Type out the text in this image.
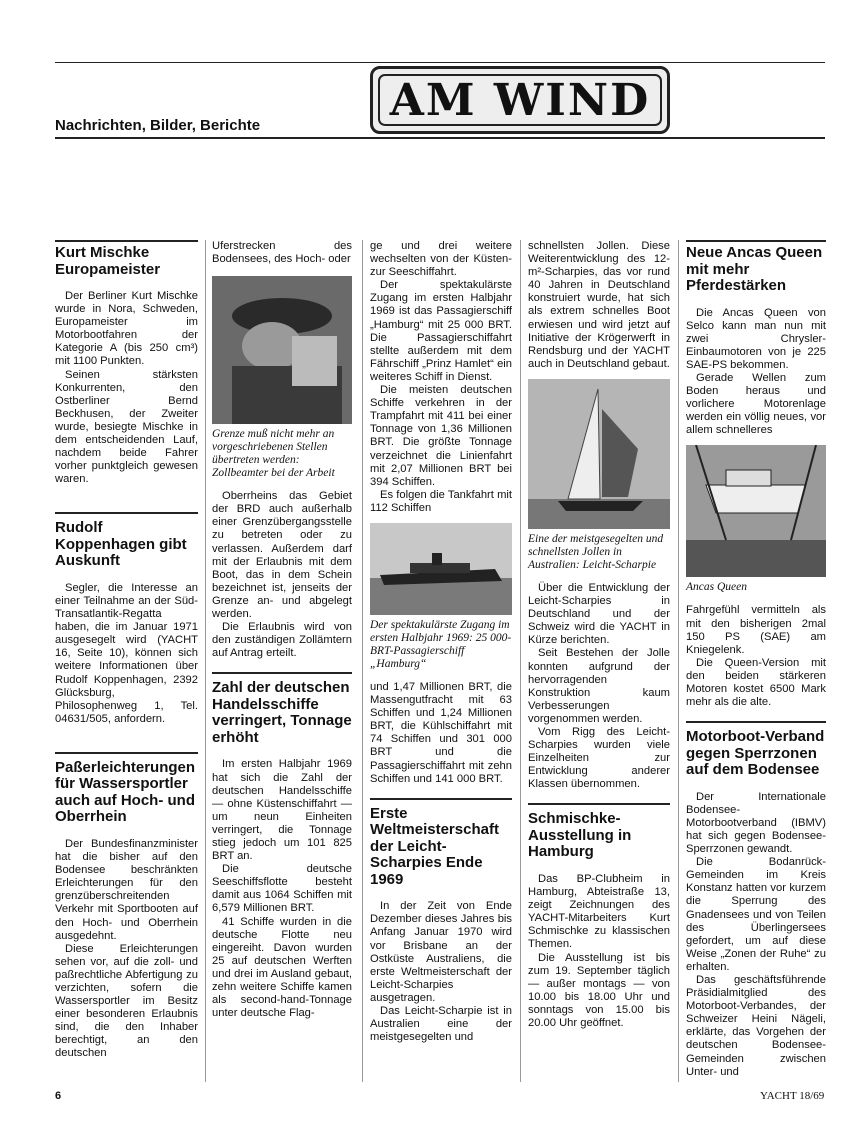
Nachrichten, Bilder, Berichte	AM WIND
Kurt Mischke Europameister

Der Berliner Kurt Mischke wurde in Nora, Schweden, Europameister im Motorbootfahren der Kategorie A (bis 250 cm³) mit 1100 Punkten.

Seinen stärksten Konkurrenten, den Ostberliner Bernd Beckhusen, der Zweiter wurde, besiegte Mischke in dem entscheidenden Lauf, nachdem beide Fahrer vorher punktgleich gewesen waren.

Rudolf Koppenhagen gibt Auskunft

Segler, die Interesse an einer Teilnahme an der Süd-Transatlantik-Regatta haben, die im Januar 1971 ausgesegelt wird (YACHT 16, Seite 10), können sich weitere Informationen über Rudolf Koppenhagen, 2392 Glücksburg, Philosophenweg 1, Tel. 04631/505, anfordern.

Paßerleichterungen für Wassersportler auch auf Hoch- und Oberrhein

Der Bundesfinanzminister hat die bisher auf den Bodensee beschränkten Erleichterungen für den grenzüberschreitenden Verkehr mit Sportbooten auf den Hoch- und Oberrhein ausgedehnt.

Diese Erleichterungen sehen vor, auf die zoll- und paßrechtliche Abfertigung zu verzichten, sofern die Wassersportler im Besitz einer besonderen Erlaubnis sind, die den Inhaber berechtigt, an den deutschen

Uferstrecken des Bodensees, des Hoch- oder

Grenze muß nicht mehr an vorgeschriebenen Stellen übertreten werden: Zollbeamter bei der Arbeit

Oberrheins das Gebiet der BRD auch außerhalb einer Grenzübergangsstelle zu betreten oder zu verlassen. Außerdem darf mit der Erlaubnis mit dem Boot, das in dem Schein bezeichnet ist, jenseits der Grenze an- und abgelegt werden.

Die Erlaubnis wird von den zuständigen Zollämtern auf Antrag erteilt.

Zahl der deutschen Handelsschiffe verringert, Tonnage erhöht

Im ersten Halbjahr 1969 hat sich die Zahl der deutschen Handelsschiffe — ohne Küstenschiffahrt — um neun Einheiten verringert, die Tonnage stieg jedoch um 101 825 BRT an.

Die deutsche Seeschiffsflotte besteht damit aus 1064 Schiffen mit 6,579 Millionen BRT.

41 Schiffe wurden in die deutsche Flotte neu eingereiht. Davon wurden 25 auf deutschen Werften und drei im Ausland gebaut, zehn weitere Schiffe kamen als second-hand-Tonnage unter deutsche Flag-

ge und drei weitere wechselten von der Küsten- zur Seeschiffahrt.

Der spektakulärste Zugang im ersten Halbjahr 1969 ist das Passagierschiff „Hamburg“ mit 25 000 BRT. Die Passagierschiffahrt stellte außerdem mit dem Fährschiff „Prinz Hamlet“ ein weiteres Schiff in Dienst.

Die meisten deutschen Schiffe verkehren in der Trampfahrt mit 411 bei einer Tonnage von 1,36 Millionen BRT. Die größte Tonnage verzeichnet die Linienfahrt mit 2,07 Millionen BRT bei 394 Schiffen.

Es folgen die Tankfahrt mit 112 Schiffen

Der spektakulärste Zugang im ersten Halbjahr 1969: 25 000-BRT-Passagierschiff „Hamburg“

und 1,47 Millionen BRT, die Massengutfracht mit 63 Schiffen und 1,24 Millionen BRT, die Kühlschiffahrt mit 74 Schiffen und 301 000 BRT und die Passagierschiffahrt mit zehn Schiffen und 141 000 BRT.

Erste Weltmeisterschaft der Leicht-Scharpies Ende 1969

In der Zeit von Ende Dezember dieses Jahres bis Anfang Januar 1970 wird vor Brisbane an der Ostküste Australiens, die erste Weltmeisterschaft der Leicht-Scharpies ausgetragen.

Das Leicht-Scharpie ist in Australien eine der meistgesegelten und

schnellsten Jollen. Diese Weiterentwicklung des 12-m²-Scharpies, das vor rund 40 Jahren in Deutschland konstruiert wurde, hat sich als extrem schnelles Boot erwiesen und wird jetzt auf Initiative der Krögerwerft in Rendsburg und der YACHT auch in Deutschland gebaut.

Eine der meistgesegelten und schnellsten Jollen in Australien: Leicht-Scharpie

Über die Entwicklung der Leicht-Scharpies in Deutschland und der Schweiz wird die YACHT in Kürze berichten.

Seit Bestehen der Jolle konnten aufgrund der hervorragenden Konstruktion kaum Verbesserungen vorgenommen werden.

Vom Rigg des Leicht-Scharpies wurden viele Einzelheiten zur Entwicklung anderer Klassen übernommen.

Schmischke-Ausstellung in Hamburg

Das BP-Clubheim in Hamburg, Abteistraße 13, zeigt Zeichnungen des YACHT-Mitarbeiters Kurt Schmischke zu klassischen Themen.

Die Ausstellung ist bis zum 19. September täglich — außer montags — von 10.00 bis 18.00 Uhr und sonntags von 15.00 bis 20.00 Uhr geöffnet.

Neue Ancas Queen mit mehr Pferdestärken

Die Ancas Queen von Selco kann man nun mit zwei Chrysler-Einbaumotoren von je 225 SAE-PS bekommen.

Gerade Wellen zum Boden heraus und vorlichere Motorenlage werden ein völlig neues, vor allem schnelleres

Ancas Queen

Fahrgefühl vermitteln als mit den bisherigen 2mal 150 PS (SAE) am Kniegelenk.

Die Queen-Version mit den beiden stärkeren Motoren kostet 6500 Mark mehr als die alte.

Motorboot-Verband gegen Sperrzonen auf dem Bodensee

Der Internationale Bodensee-Motorbootverband (IBMV) hat sich gegen Bodensee-Sperrzonen gewandt.

Die Bodanrück-Gemeinden im Kreis Konstanz hatten vor kurzem die Sperrung des Gnadensees und von Teilen des Überlingersees gefordert, um auf diese Weise „Zonen der Ruhe“ zu erhalten.

Das geschäftsführende Präsidialmitglied des Motorboot-Verbandes, der Schweizer Heini Nägeli, erklärte, das Vorgehen der deutschen Bodensee-Gemeinden zwischen Unter- und

6	YACHT 18/69
